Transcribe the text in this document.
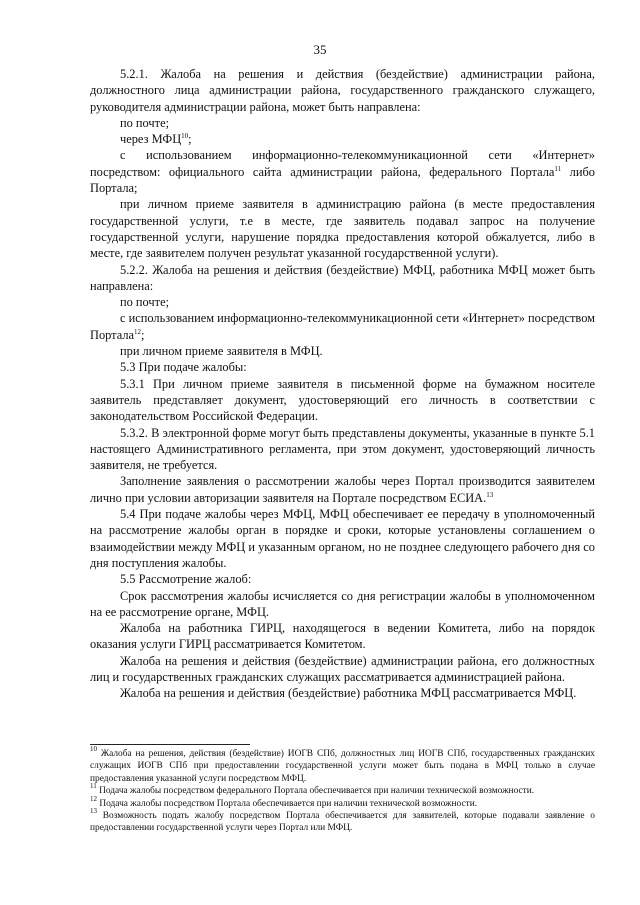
35

5.2.1. Жалоба на решения и действия (бездействие) администрации района, должностного лица администрации района, государственного гражданского служащего, руководителя администрации района, может быть направлена:

по почте;

через МФЦ$^{10}$;

с использованием информационно-телекоммуникационной сети «Интернет» посредством: официального сайта администрации района, федерального Портала$^{11}$ либо Портала;

при личном приеме заявителя в администрацию района (в месте предоставления государственной услуги, т.е в месте, где заявитель подавал запрос на получение государственной услуги, нарушение порядка предоставления которой обжалуется, либо в месте, где заявителем получен результат указанной государственной услуги).

5.2.2. Жалоба на решения и действия (бездействие) МФЦ, работника МФЦ может быть направлена:

по почте;

с использованием информационно-телекоммуникационной сети «Интернет» посредством Портала$^{12}$;

при личном приеме заявителя в МФЦ.

5.3 При подаче жалобы:

5.3.1 При личном приеме заявителя в письменной форме на бумажном носителе заявитель представляет документ, удостоверяющий его личность в соответствии с законодательством Российской Федерации.

5.3.2. В электронной форме могут быть представлены документы, указанные в пункте 5.1 настоящего Административного регламента, при этом документ, удостоверяющий личность заявителя, не требуется.

Заполнение заявления о рассмотрении жалобы через Портал производится заявителем лично при условии авторизации заявителя на Портале посредством ЕСИА.$^{13}$

5.4 При подаче жалобы через МФЦ, МФЦ обеспечивает ее передачу в уполномоченный на рассмотрение жалобы орган в порядке и сроки, которые установлены соглашением о взаимодействии между МФЦ и указанным органом, но не позднее следующего рабочего дня со дня поступления жалобы.

5.5 Рассмотрение жалоб:

Срок рассмотрения жалобы исчисляется со дня регистрации жалобы в уполномоченном на ее рассмотрение органе, МФЦ.

Жалоба на работника ГИРЦ, находящегося в ведении Комитета, либо на порядок оказания услуги ГИРЦ рассматривается Комитетом.

Жалоба на решения и действия (бездействие) администрации района, его должностных лиц и государственных гражданских служащих рассматривается администрацией района.

Жалоба на решения и действия (бездействие) работника МФЦ рассматривается МФЦ.

$^{10}$ Жалоба на решения, действия (бездействие) ИОГВ СПб, должностных лиц ИОГВ СПб, государственных гражданских служащих ИОГВ СПб при предоставлении государственной услуги может быть подана в МФЦ только в случае предоставления указанной услуги посредством МФЦ.

$^{11}$ Подача жалобы посредством федерального Портала обеспечивается при наличии технической возможности.

$^{12}$ Подача жалобы посредством Портала обеспечивается при наличии технической возможности.

$^{13}$ Возможность подать жалобу посредством Портала обеспечивается для заявителей, которые подавали заявление о предоставлении государственной услуги через Портал или МФЦ.
